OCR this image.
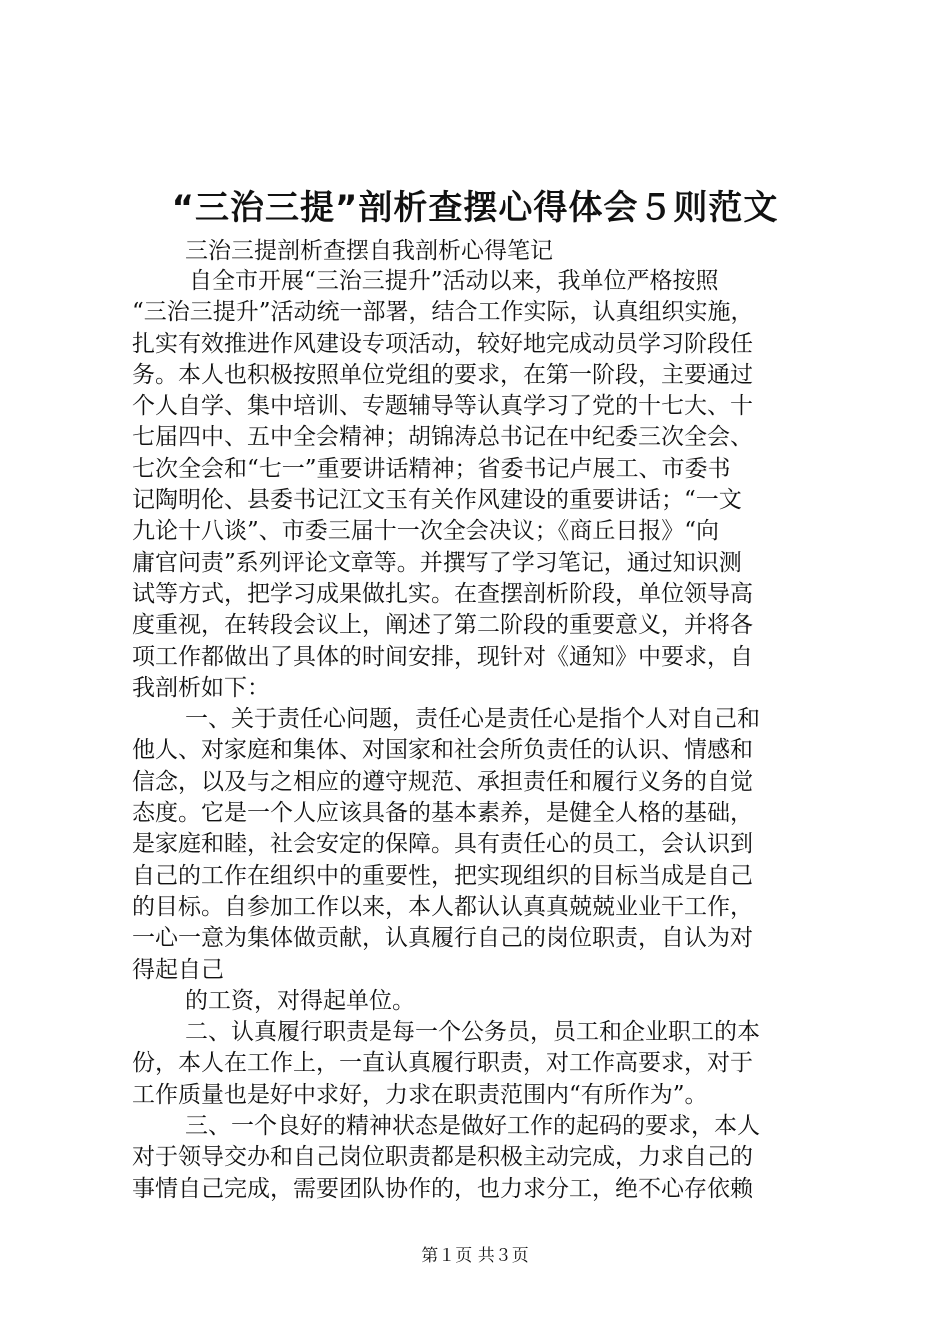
“三治三提”剖析查摆心得体会５则范文
三治三提剖析查摆自我剖析心得笔记
自全市开展“三治三提升”活动以来，我单位严格按照
“三治三提升”活动统一部署，结合工作实际，认真组织实施，
扎实有效推进作风建设专项活动，较好地完成动员学习阶段任
务。本人也积极按照单位党组的要求，在第一阶段，主要通过
个人自学、集中培训、专题辅导等认真学习了党的十七大、十
七届四中、五中全会精神；胡锦涛总书记在中纪委三次全会、
七次全会和“七一”重要讲话精神；省委书记卢展工、市委书
记陶明伦、县委书记江文玉有关作风建设的重要讲话；“一文
九论十八谈”、市委三届十一次全会决议；《商丘日报》“向
庸官问责”系列评论文章等。并撰写了学习笔记，通过知识测
试等方式，把学习成果做扎实。在查摆剖析阶段，单位领导高
度重视，在转段会议上，阐述了第二阶段的重要意义，并将各
项工作都做出了具体的时间安排，现针对《通知》中要求，自
我剖析如下：
一、关于责任心问题，责任心是责任心是指个人对自己和
他人、对家庭和集体、对国家和社会所负责任的认识、情感和
信念，以及与之相应的遵守规范、承担责任和履行义务的自觉
态度。它是一个人应该具备的基本素养，是健全人格的基础，
是家庭和睦，社会安定的保障。具有责任心的员工，会认识到
自己的工作在组织中的重要性，把实现组织的目标当成是自己
的目标。自参加工作以来，本人都认认真真兢兢业业干工作，
一心一意为集体做贡献，认真履行自己的岗位职责，自认为对
得起自己
的工资，对得起单位。
二、认真履行职责是每一个公务员，员工和企业职工的本
份，本人在工作上，一直认真履行职责，对工作高要求，对于
工作质量也是好中求好，力求在职责范围内“有所作为”。
三、一个良好的精神状态是做好工作的起码的要求，本人
对于领导交办和自己岗位职责都是积极主动完成，力求自己的
事情自己完成，需要团队协作的，也力求分工，绝不心存依赖
第１页 共３页
